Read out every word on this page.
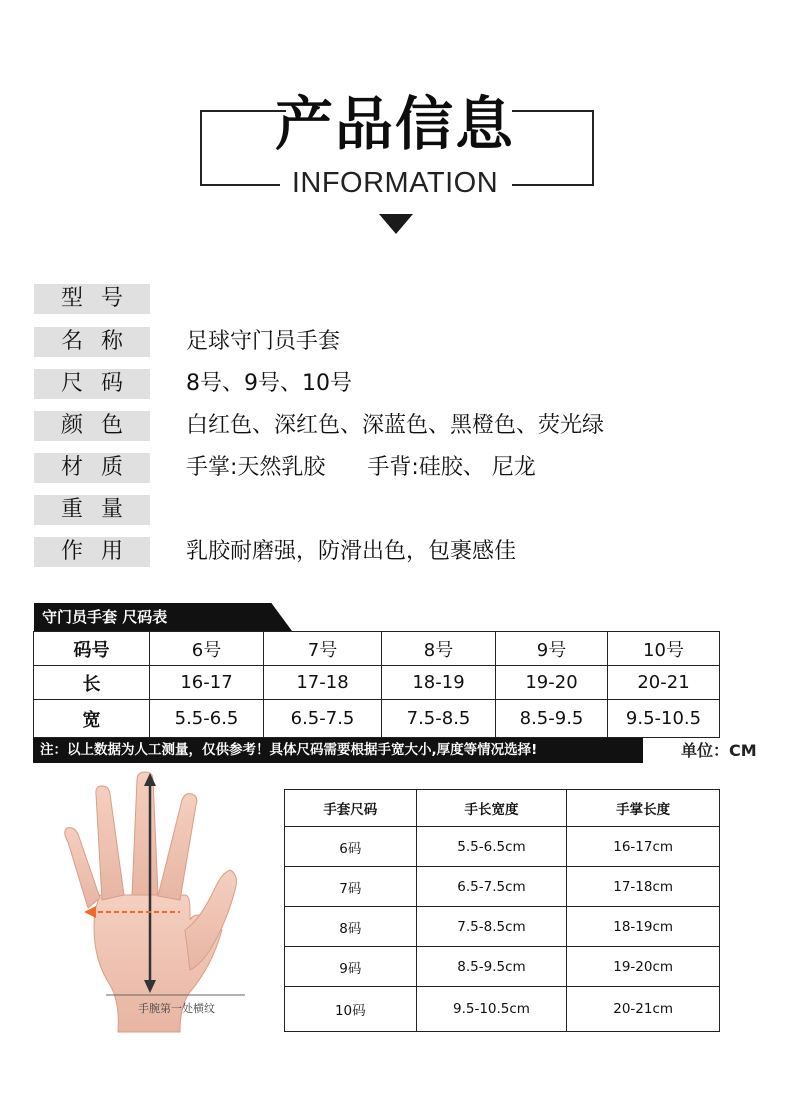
产品信息
INFORMATION
型号
名称	足球守门员手套
尺码	8号、9号、10号
颜色	白红色、深红色、深蓝色、黑橙色、荧光绿
材质	手掌:天然乳胶      手背:硅胶、 尼龙
重量
作用	乳胶耐磨强，防滑出色，包裹感佳
守门员手套 尺码表
码号	6号	7号	8号	9号	10号
长	16-17	17-18	18-19	19-20	20-21
宽	5.5-6.5	6.5-7.5	7.5-8.5	8.5-9.5	9.5-10.5
注：以上数据为人工测量，仅供参考！具体尺码需要根据手宽大小,厚度等情况选择!	单位：CM
手腕第一处横纹
手套尺码	手长宽度	手掌长度
6码	5.5-6.5cm	16-17cm
7码	6.5-7.5cm	17-18cm
8码	7.5-8.5cm	18-19cm
9码	8.5-9.5cm	19-20cm
10码	9.5-10.5cm	20-21cm
